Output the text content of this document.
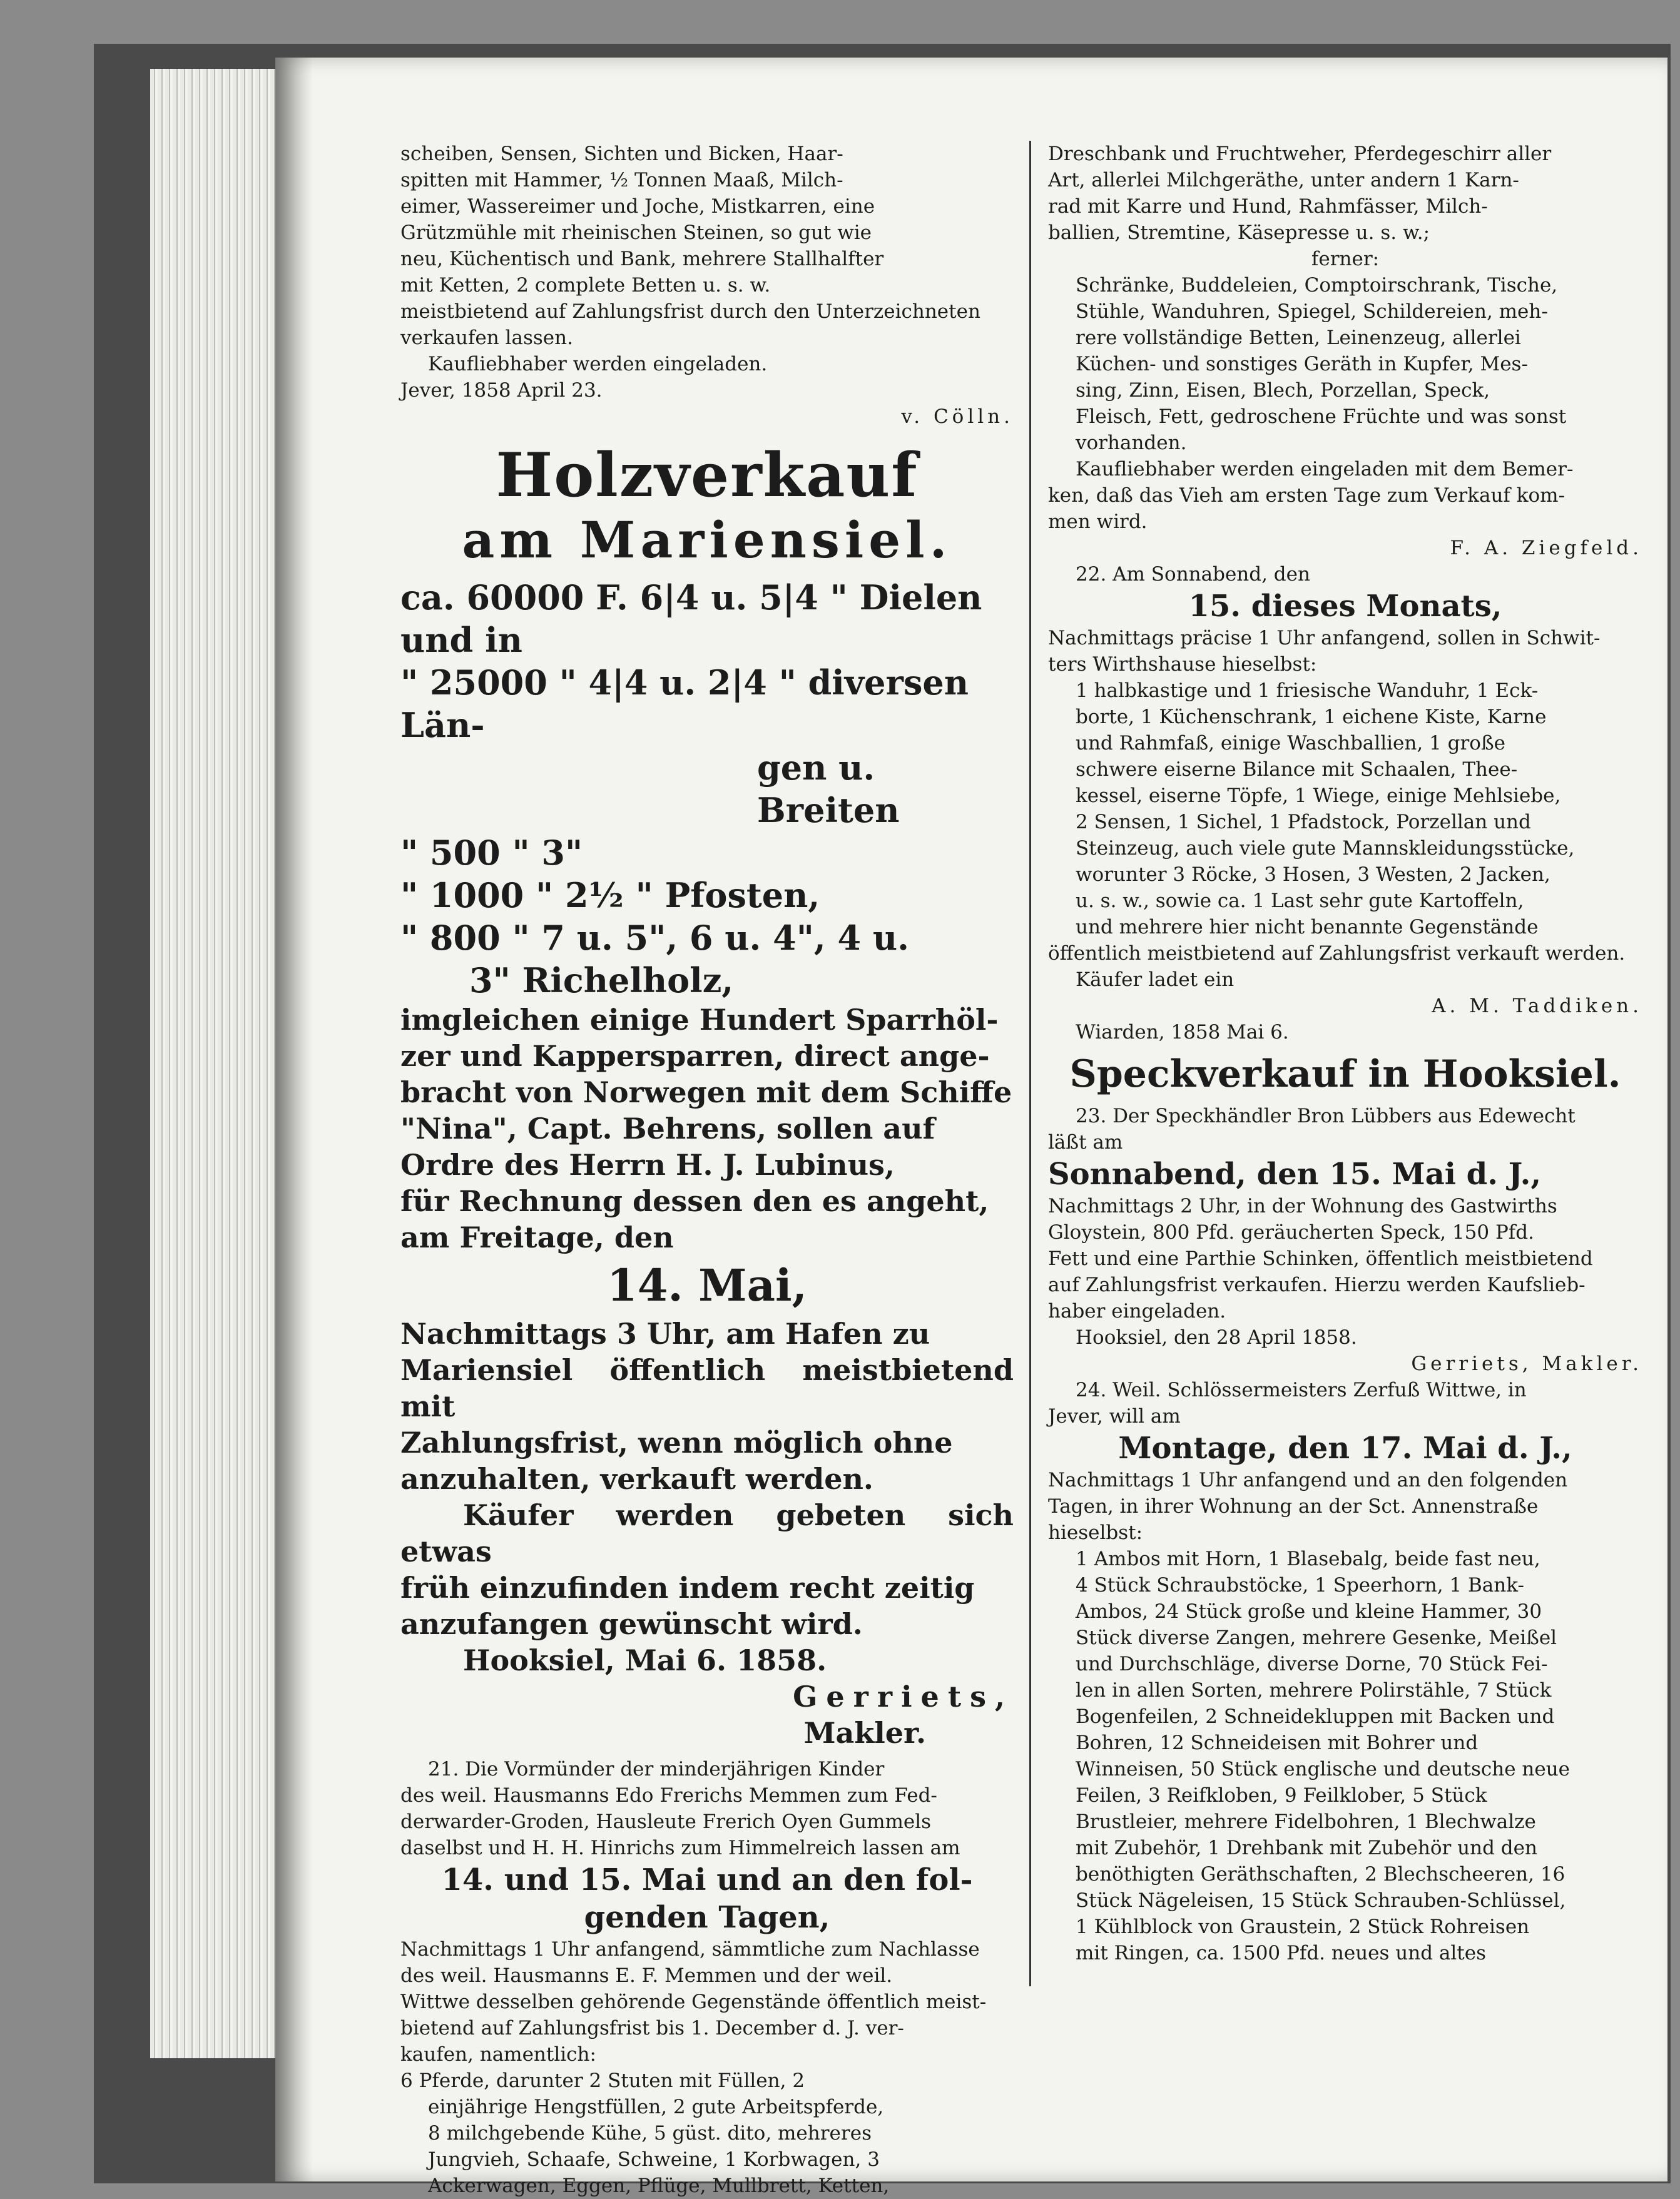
scheiben, Sensen, Sichten und Bicken, Haar-

spitten mit Hammer, ½ Tonnen Maaß, Milch-

eimer, Wassereimer und Joche, Mistkarren, eine

Grützmühle mit rheinischen Steinen, so gut wie

neu, Küchentisch und Bank, mehrere Stallhalfter

mit Ketten, 2 complete Betten u. s. w.

meistbietend auf Zahlungsfrist durch den Unterzeichneten

verkaufen lassen.

Kaufliebhaber werden eingeladen.

Jever, 1858 April 23.

v. Cölln.

Holzverkauf
am Mariensiel.

ca. 60000 F. 6|4 u. 5|4 " Dielen und in

" 25000 " 4|4 u. 2|4 " diversen Län-

gen u. Breiten

" 500 " 3"

" 1000 " 2½ " Pfosten,

" 800 " 7 u. 5", 6 u. 4", 4 u.

3" Richelholz,

imgleichen einige Hundert Sparrhöl-

zer und Kappersparren, direct ange-

bracht von Norwegen mit dem Schiffe

"Nina", Capt. Behrens, sollen auf

Ordre des Herrn H. J. Lubinus,

für Rechnung dessen den es angeht,

am Freitage, den

14. Mai,

Nachmittags 3 Uhr, am Hafen zu

Mariensiel öffentlich meistbietend mit

Zahlungsfrist, wenn möglich ohne

anzuhalten, verkauft werden.

Käufer werden gebeten sich etwas

früh einzufinden indem recht zeitig

anzufangen gewünscht wird.

Hooksiel, Mai 6. 1858.

Gerriets,

Makler.

21. Die Vormünder der minderjährigen Kinder

des weil. Hausmanns Edo Frerichs Memmen zum Fed-

derwarder-Groden, Hausleute Frerich Oyen Gummels

daselbst und H. H. Hinrichs zum Himmelreich lassen am

14. und 15. Mai und an den fol-

genden Tagen,

Nachmittags 1 Uhr anfangend, sämmtliche zum Nachlasse

des weil. Hausmanns E. F. Memmen und der weil.

Wittwe desselben gehörende Gegenstände öffentlich meist-

bietend auf Zahlungsfrist bis 1. December d. J. ver-

kaufen, namentlich:

6 Pferde, darunter 2 Stuten mit Füllen, 2

einjährige Hengstfüllen, 2 gute Arbeitspferde,

8 milchgebende Kühe, 5 güst. dito, mehreres

Jungvieh, Schaafe, Schweine, 1 Korbwagen, 3

Ackerwagen, Eggen, Pflüge, Mullbrett, Ketten,

Dreschbank und Fruchtweher, Pferdegeschirr aller

Art, allerlei Milchgeräthe, unter andern 1 Karn-

rad mit Karre und Hund, Rahmfässer, Milch-

ballien, Stremtine, Käsepresse u. s. w.;

ferner:

Schränke, Buddeleien, Comptoirschrank, Tische,

Stühle, Wanduhren, Spiegel, Schildereien, meh-

rere vollständige Betten, Leinenzeug, allerlei

Küchen- und sonstiges Geräth in Kupfer, Mes-

sing, Zinn, Eisen, Blech, Porzellan, Speck,

Fleisch, Fett, gedroschene Früchte und was sonst

vorhanden.

Kaufliebhaber werden eingeladen mit dem Bemer-

ken, daß das Vieh am ersten Tage zum Verkauf kom-

men wird.

F. A. Ziegfeld.

22. Am Sonnabend, den

15. dieses Monats,

Nachmittags präcise 1 Uhr anfangend, sollen in Schwit-

ters Wirthshause hieselbst:

1 halbkastige und 1 friesische Wanduhr, 1 Eck-

borte, 1 Küchenschrank, 1 eichene Kiste, Karne

und Rahmfaß, einige Waschballien, 1 große

schwere eiserne Bilance mit Schaalen, Thee-

kessel, eiserne Töpfe, 1 Wiege, einige Mehlsiebe,

2 Sensen, 1 Sichel, 1 Pfadstock, Porzellan und

Steinzeug, auch viele gute Mannskleidungsstücke,

worunter 3 Röcke, 3 Hosen, 3 Westen, 2 Jacken,

u. s. w., sowie ca. 1 Last sehr gute Kartoffeln,

und mehrere hier nicht benannte Gegenstände

öffentlich meistbietend auf Zahlungsfrist verkauft werden.

Käufer ladet ein

A. M. Taddiken.

Wiarden, 1858 Mai 6.

Speckverkauf in Hooksiel.

23. Der Speckhändler Bron Lübbers aus Edewecht

läßt am

Sonnabend, den 15. Mai d. J.,

Nachmittags 2 Uhr, in der Wohnung des Gastwirths

Gloystein, 800 Pfd. geräucherten Speck, 150 Pfd.

Fett und eine Parthie Schinken, öffentlich meistbietend

auf Zahlungsfrist verkaufen. Hierzu werden Kaufslieb-

haber eingeladen.

Hooksiel, den 28 April 1858.

Gerriets, Makler.

24. Weil. Schlössermeisters Zerfuß Wittwe, in

Jever, will am

Montage, den 17. Mai d. J.,

Nachmittags 1 Uhr anfangend und an den folgenden

Tagen, in ihrer Wohnung an der Sct. Annenstraße

hieselbst:

1 Ambos mit Horn, 1 Blasebalg, beide fast neu,

4 Stück Schraubstöcke, 1 Speerhorn, 1 Bank-

Ambos, 24 Stück große und kleine Hammer, 30

Stück diverse Zangen, mehrere Gesenke, Meißel

und Durchschläge, diverse Dorne, 70 Stück Fei-

len in allen Sorten, mehrere Polirstähle, 7 Stück

Bogenfeilen, 2 Schneidekluppen mit Backen und

Bohren, 12 Schneideisen mit Bohrer und

Winneisen, 50 Stück englische und deutsche neue

Feilen, 3 Reifkloben, 9 Feilklober, 5 Stück

Brustleier, mehrere Fidelbohren, 1 Blechwalze

mit Zubehör, 1 Drehbank mit Zubehör und den

benöthigten Geräthschaften, 2 Blechscheeren, 16

Stück Nägeleisen, 15 Stück Schrauben-Schlüssel,

1 Kühlblock von Graustein, 2 Stück Rohreisen

mit Ringen, ca. 1500 Pfd. neues und altes
